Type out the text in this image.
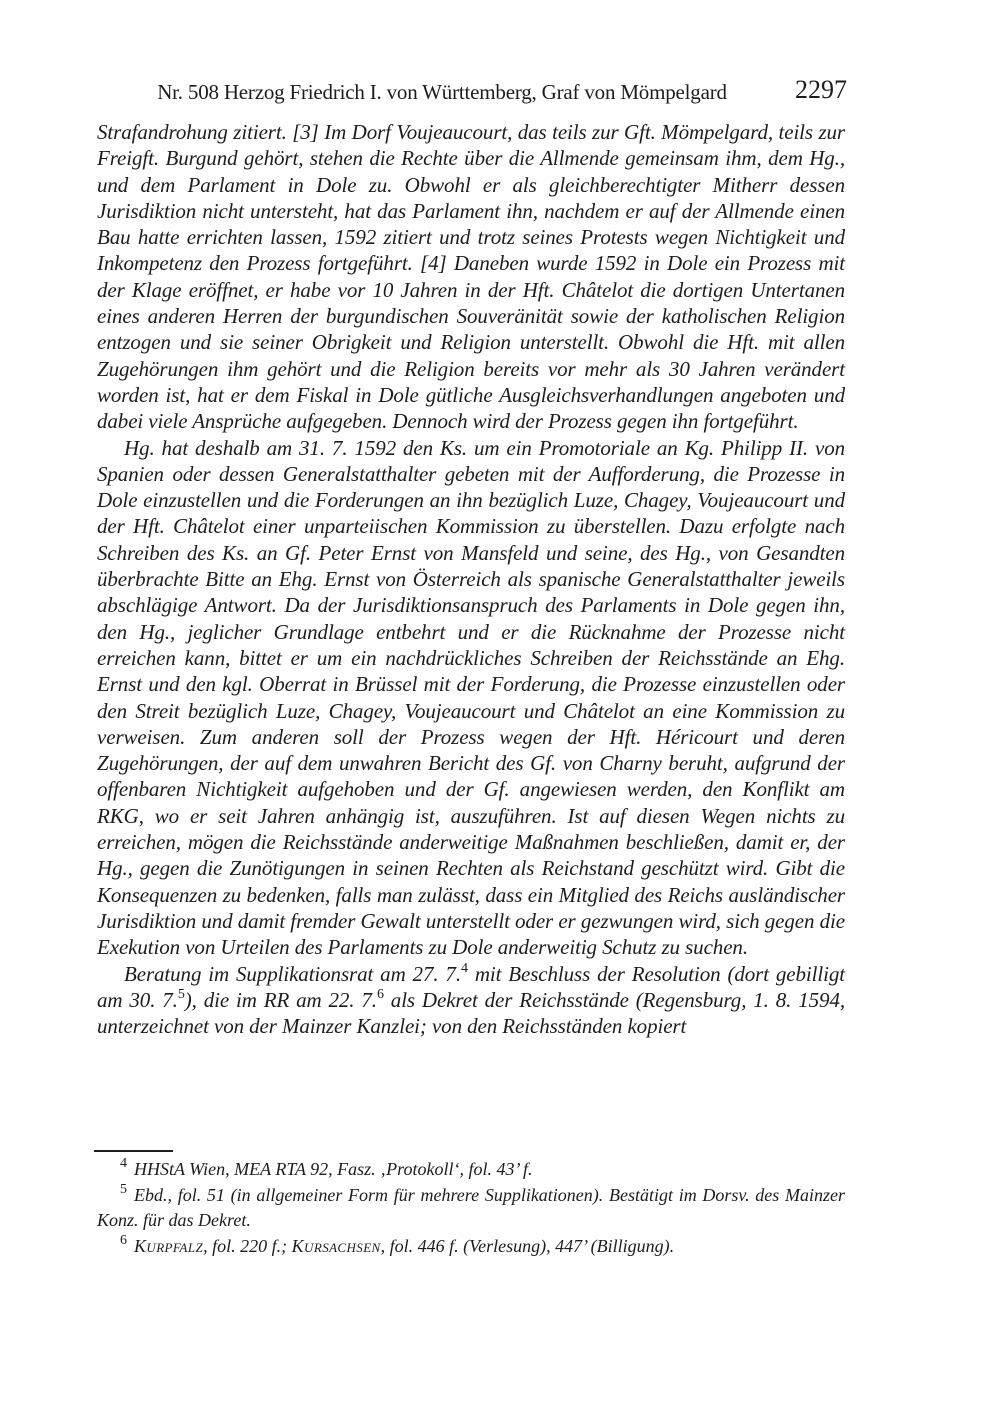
Nr. 508 Herzog Friedrich I. von Württemberg, Graf von Mömpelgard	2297

Strafandrohung zitiert. [3] Im Dorf Voujeaucourt, das teils zur Gft. Mömpelgard, teils zur Freigft. Burgund gehört, stehen die Rechte über die Allmende gemeinsam ihm, dem Hg., und dem Parlament in Dole zu. Obwohl er als gleichberechtigter Mitherr dessen Jurisdiktion nicht untersteht, hat das Parlament ihn, nachdem er auf der Allmende einen Bau hatte errichten lassen, 1592 zitiert und trotz seines Protests wegen Nichtigkeit und Inkompetenz den Prozess fortgeführt. [4] Daneben wurde 1592 in Dole ein Prozess mit der Klage eröffnet, er habe vor 10 Jahren in der Hft. Châtelot die dortigen Untertanen eines anderen Herren der burgundischen Souveränität sowie der katholischen Religion entzogen und sie seiner Obrigkeit und Religion unterstellt. Obwohl die Hft. mit allen Zugehörungen ihm gehört und die Religion bereits vor mehr als 30 Jahren verändert worden ist, hat er dem Fiskal in Dole gütliche Ausgleichsverhandlungen angeboten und dabei viele Ansprüche aufgegeben. Dennoch wird der Prozess gegen ihn fortgeführt.

Hg. hat deshalb am 31. 7. 1592 den Ks. um ein Promotoriale an Kg. Philipp II. von Spanien oder dessen Generalstatthalter gebeten mit der Aufforderung, die Prozesse in Dole einzustellen und die Forderungen an ihn bezüglich Luze, Chagey, Voujeaucourt und der Hft. Châtelot einer unparteiischen Kommission zu überstellen. Dazu erfolgte nach Schreiben des Ks. an Gf. Peter Ernst von Mansfeld und seine, des Hg., von Gesandten überbrachte Bitte an Ehg. Ernst von Österreich als spanische Generalstatthalter jeweils abschlägige Antwort. Da der Jurisdiktionsanspruch des Parlaments in Dole gegen ihn, den Hg., jeglicher Grundlage entbehrt und er die Rücknahme der Prozesse nicht erreichen kann, bittet er um ein nachdrückliches Schreiben der Reichsstände an Ehg. Ernst und den kgl. Oberrat in Brüssel mit der Forderung, die Prozesse einzustellen oder den Streit bezüglich Luze, Chagey, Voujeaucourt und Châtelot an eine Kommission zu verweisen. Zum anderen soll der Prozess wegen der Hft. Héricourt und deren Zugehörungen, der auf dem unwahren Bericht des Gf. von Charny beruht, aufgrund der offenbaren Nichtigkeit aufgehoben und der Gf. angewiesen werden, den Konflikt am RKG, wo er seit Jahren anhängig ist, auszuführen. Ist auf diesen Wegen nichts zu erreichen, mögen die Reichsstände anderweitige Maßnahmen beschließen, damit er, der Hg., gegen die Zunötigungen in seinen Rechten als Reichstand geschützt wird. Gibt die Konsequenzen zu bedenken, falls man zulässt, dass ein Mitglied des Reichs ausländischer Jurisdiktion und damit fremder Gewalt unterstellt oder er gezwungen wird, sich gegen die Exekution von Urteilen des Parlaments zu Dole anderweitig Schutz zu suchen.

Beratung im Supplikationsrat am 27. 7.$^4$ mit Beschluss der Resolution (dort gebilligt am 30. 7.$^5$), die im RR am 22. 7.$^6$ als Dekret der Reichsstände (Regensburg, 1. 8. 1594, unterzeichnet von der Mainzer Kanzlei; von den Reichsständen kopiert

$^4$ HHStA Wien, MEA RTA 92, Fasz. ‚Protokoll‘, fol. 43’ f.

$^5$ Ebd., fol. 51 (in allgemeiner Form für mehrere Supplikationen). Bestätigt im Dorsv. des Mainzer Konz. für das Dekret.

$^6$ Kurpfalz, fol. 220 f.; Kursachsen, fol. 446 f. (Verlesung), 447’ (Billigung).
